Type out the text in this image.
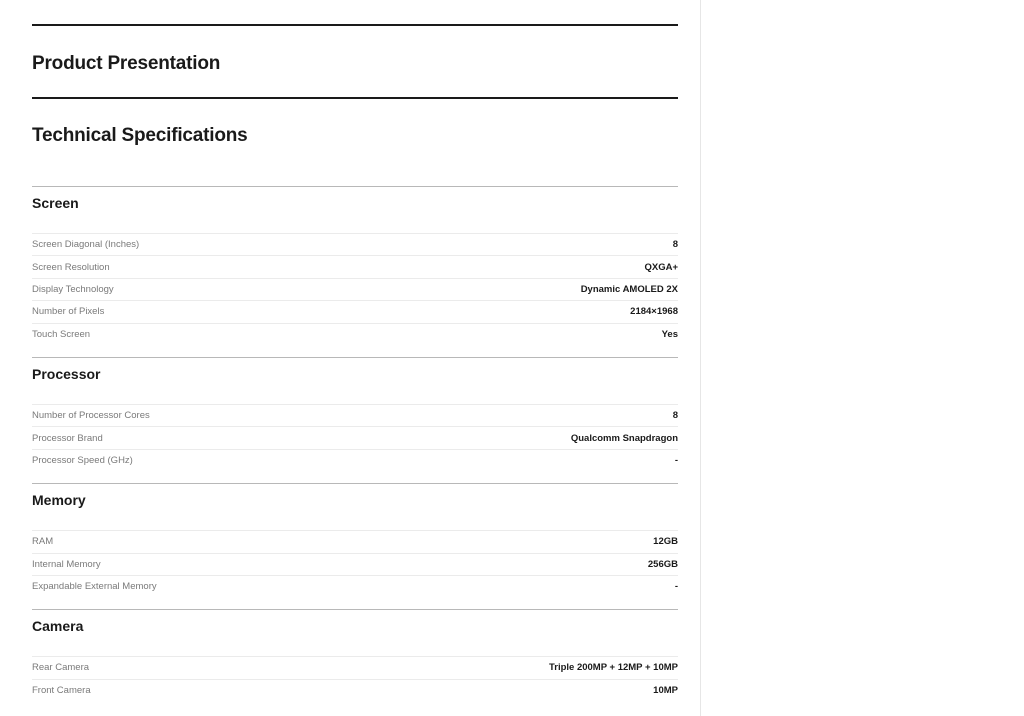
Product Presentation
Technical Specifications
Screen
Screen Diagonal (Inches)	8
Screen Resolution	QXGA+
Display Technology	Dynamic AMOLED 2X
Number of Pixels	2184×1968
Touch Screen	Yes
Processor
Number of Processor Cores	8
Processor Brand	Qualcomm Snapdragon
Processor Speed (GHz)	-
Memory
RAM	12GB
Internal Memory	256GB
Expandable External Memory	-
Camera
Rear Camera	Triple 200MP + 12MP + 10MP
Front Camera	10MP
